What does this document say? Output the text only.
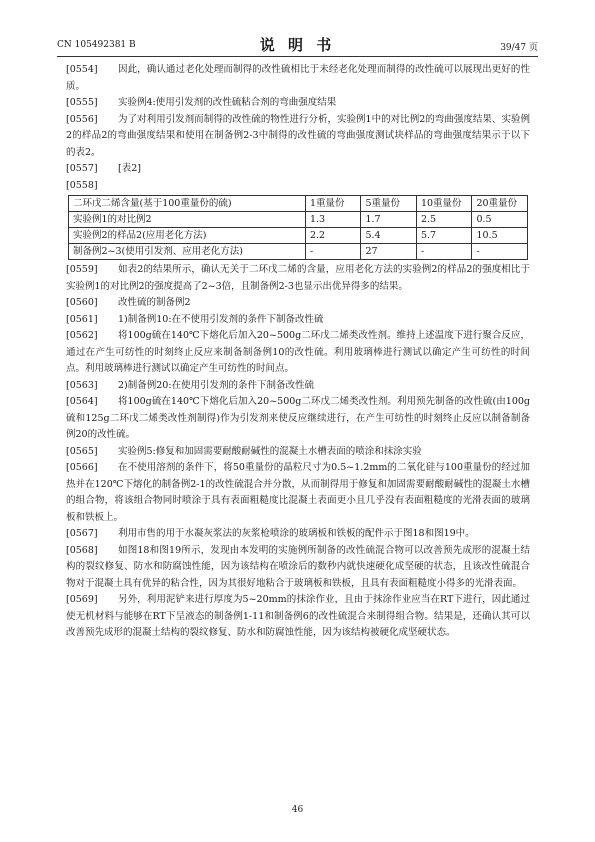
CN 105492381 B	说 明 书	39/47 页
[0554]	因此，确认通过老化处理而制得的改性硫相比于未经老化处理而制得的改性硫可以展现出更好的性质。
[0555]	实验例4:使用引发剂的改性硫粘合剂的弯曲强度结果
[0556]	为了对利用引发剂而制得的改性硫的物性进行分析，实验例1中的对比例2的弯曲强度结果、实验例2的样品2的弯曲强度结果和使用在制备例2-3中制得的改性硫的弯曲强度测试块样品的弯曲强度结果示于以下的表2。
[0557]	[表2]
[0558]
二环戊二烯含量(基于100重量份的硫)	1重量份	5重量份	10重量份	20重量份
实验例1的对比例2	1.3	1.7	2.5	0.5
实验例2的样品2(应用老化方法)	2.2	5.4	5.7	10.5
制备例2~3(使用引发剂、应用老化方法)	-	27	-	-
[0559]	如表2的结果所示，确认无关于二环戊二烯的含量，应用老化方法的实验例2的样品2的强度相比于实验例1的对比例2的强度提高了2~3倍，且制备例2-3也显示出优异得多的结果。
[0560]	改性硫的制备例2
[0561]	1)制备例10:在不使用引发剂的条件下制备改性硫
[0562]	将100g硫在140℃下熔化后加入20~500g二环戊二烯类改性剂。维持上述温度下进行聚合反应，通过在产生可纺性的时刻终止反应来制备制备例10的改性硫。利用玻璃棒进行测试以确定产生可纺性的时间点。利用玻璃棒进行测试以确定产生可纺性的时间点。
[0563]	2)制备例20:在使用引发剂的条件下制备改性硫
[0564]	将100g硫在140℃下熔化后加入20~500g二环戊二烯类改性剂。利用预先制备的改性硫(由100g硫和125g二环戊二烯类改性剂制得)作为引发剂来使反应继续进行，在产生可纺性的时刻终止反应以制备制备例20的改性硫。
[0565]	实验例5:修复和加固需要耐酸耐碱性的混凝土水槽表面的喷涂和抹涂实验
[0566]	在不使用溶剂的条件下，将50重量份的晶粒尺寸为0.5~1.2mm的二氧化硅与100重量份的经过加热并在120℃下熔化的制备例2-1的改性硫混合并分散，从而制得用于修复和加固需要耐酸耐碱性的混凝土水槽的组合物，将该组合物同时喷涂于具有表面粗糙度比混凝土表面更小且几乎没有表面粗糙度的光滑表面的玻璃板和铁板上。
[0567]	利用市售的用于水凝灰浆法的灰浆枪喷涂的玻璃板和铁板的配件示于图18和图19中。
[0568]	如图18和图19所示，发现由本发明的实施例所制备的改性硫混合物可以改善预先成形的混凝土结构的裂纹修复、防水和防腐蚀性能，因为该结构在喷涂后的数秒内就快速硬化成坚硬的状态，且该改性硫混合物对于混凝土具有优异的粘合性，因为其很好地粘合于玻璃板和铁板，且具有表面粗糙度小得多的光滑表面。
[0569]	另外，利用泥铲来进行厚度为5~20mm的抹涂作业，且由于抹涂作业应当在RT下进行，因此通过使无机材料与能够在RT下呈液态的制备例1-11和制备例6的改性硫混合来制得组合物。结果是，还确认其可以改善预先成形的混凝土结构的裂纹修复、防水和防腐蚀性能，因为该结构被硬化成坚硬状态。
46
